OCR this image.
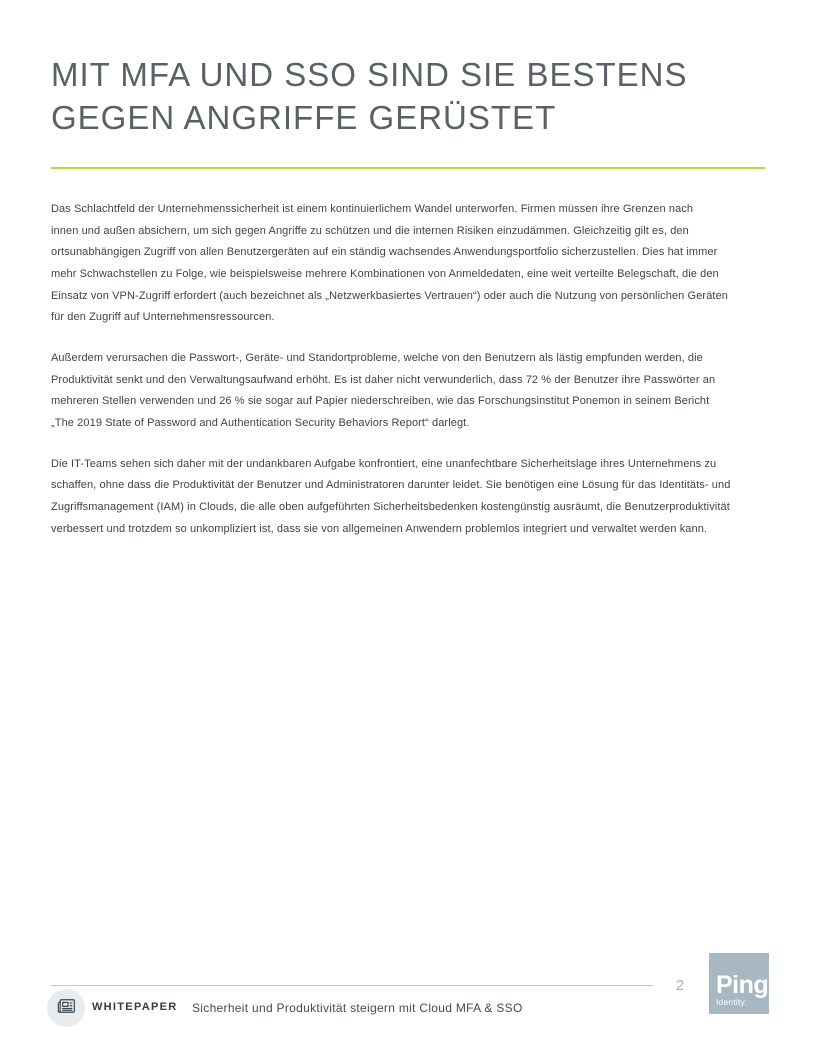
MIT MFA UND SSO SIND SIE BESTENS
GEGEN ANGRIFFE GERÜSTET
Das Schlachtfeld der Unternehmenssicherheit ist einem kontinuierlichem Wandel unterworfen. Firmen müssen ihre Grenzen nach
innen und außen absichern, um sich gegen Angriffe zu schützen und die internen Risiken einzudämmen. Gleichzeitig gilt es, den
ortsunabhängigen Zugriff von allen Benutzergeräten auf ein ständig wachsendes Anwendungsportfolio sicherzustellen. Dies hat immer
mehr Schwachstellen zu Folge, wie beispielsweise mehrere Kombinationen von Anmeldedaten, eine weit verteilte Belegschaft, die den
Einsatz von VPN-Zugriff erfordert (auch bezeichnet als „Netzwerkbasiertes Vertrauen“) oder auch die Nutzung von persönlichen Geräten
für den Zugriff auf Unternehmensressourcen.
Außerdem verursachen die Passwort-, Geräte- und Standortprobleme, welche von den Benutzern als lästig empfunden werden, die
Produktivität senkt und den Verwaltungsaufwand erhöht. Es ist daher nicht verwunderlich, dass 72 % der Benutzer ihre Passwörter an
mehreren Stellen verwenden und 26 % sie sogar auf Papier niederschreiben, wie das Forschungsinstitut Ponemon in seinem Bericht
„The 2019 State of Password and Authentication Security Behaviors Report“ darlegt.
Die IT-Teams sehen sich daher mit der undankbaren Aufgabe konfrontiert, eine unanfechtbare Sicherheitslage ihres Unternehmens zu
schaffen, ohne dass die Produktivität der Benutzer und Administratoren darunter leidet. Sie benötigen eine Lösung für das Identitäts- und
Zugriffsmanagement (IAM) in Clouds, die alle oben aufgeführten Sicherheitsbedenken kostengünstig ausräumt, die Benutzerproduktivität
verbessert und trotzdem so unkompliziert ist, dass sie von allgemeinen Anwendern problemlos integriert und verwaltet werden kann.
WHITEPAPER Sicherheit und Produktivität steigern mit Cloud MFA & SSO
2 Ping
Identity.
